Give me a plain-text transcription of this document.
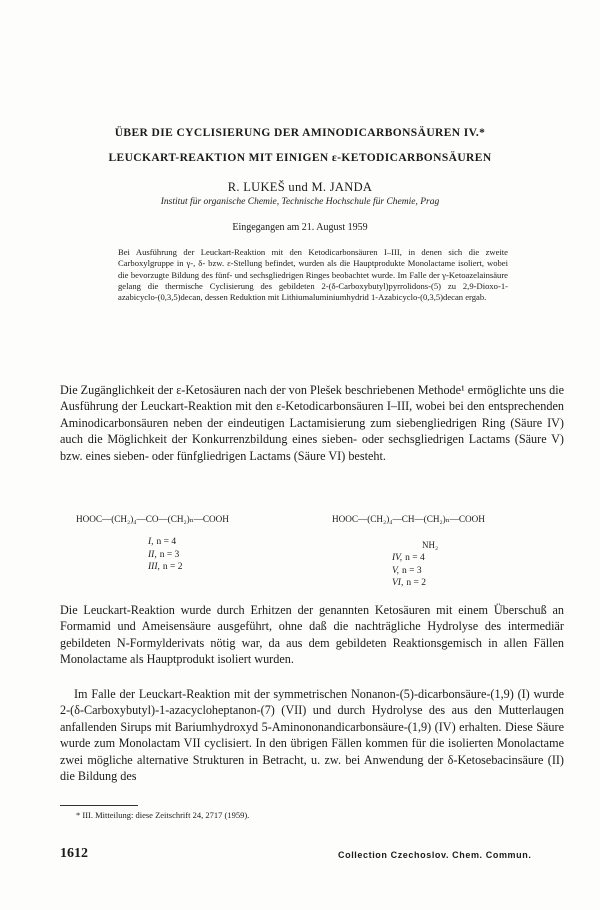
ÜBER DIE CYCLISIERUNG DER AMINODICARBONSÄUREN IV.*
LEUCKART-REAKTION MIT EINIGEN ε-KETODICARBONSÄUREN
R. LUKEŠ und M. JANDA
Institut für organische Chemie, Technische Hochschule für Chemie, Prag
Eingegangen am 21. August 1959

Bei Ausführung der Leuckart-Reaktion mit den Ketodicarbonsäuren I–III, in denen sich die zweite Carboxylgruppe in γ-, δ- bzw. ε-Stellung befindet, wurden als die Hauptprodukte Monolactame isoliert, wobei die bevorzugte Bildung des fünf- und sechsgliedrigen Ringes beobachtet wurde. Im Falle der γ-Ketoazelainsäure gelang die thermische Cyclisierung des gebildeten 2-(δ-Carboxybutyl)pyrrolidons-(5) zu 2,9-Dioxo-1-azabicyclo-(0,3,5)decan, dessen Reduktion mit Lithiumaluminiumhydrid 1-Azabicyclo-(0,3,5)decan ergab.

Die Zugänglichkeit der ε-Ketosäuren nach der von Plešek beschriebenen Methode¹ ermöglichte uns die Ausführung der Leuckart-Reaktion mit den ε-Ketodicarbonsäuren I–III, wobei bei den entsprechenden Aminodicarbonsäuren neben der eindeutigen Lactamisierung zum siebengliedrigen Ring (Säure IV) auch die Möglichkeit der Konkurrenzbildung eines sieben- oder sechsgliedrigen Lactams (Säure V) bzw. eines sieben- oder fünfgliedrigen Lactams (Säure VI) besteht.

HOOC—(CH₂)₄—CO—(CH₂)ₙ—COOH	HOOC—(CH₂)₄—CH—(CH₂)ₙ—COOH
NH₂
I, n = 4
II, n = 3
III, n = 2
IV, n = 4
V, n = 3
VI, n = 2

Die Leuckart-Reaktion wurde durch Erhitzen der genannten Ketosäuren mit einem Überschuß an Formamid und Ameisensäure ausgeführt, ohne daß die nachträgliche Hydrolyse des intermediär gebildeten N-Formylderivats nötig war, da aus dem gebildeten Reaktionsgemisch in allen Fällen Monolactame als Hauptprodukt isoliert wurden.

Im Falle der Leuckart-Reaktion mit der symmetrischen Nonanon-(5)-dicarbonsäure-(1,9) (I) wurde 2-(δ-Carboxybutyl)-1-azacycloheptanon-(7) (VII) und durch Hydrolyse des aus den Mutterlaugen anfallenden Sirups mit Bariumhydroxyd 5-Aminononandicarbonsäure-(1,9) (IV) erhalten. Diese Säure wurde zum Monolactam VII cyclisiert. In den übrigen Fällen kommen für die isolierten Monolactame zwei mögliche alternative Strukturen in Betracht, u. zw. bei Anwendung der δ-Ketosebacinsäure (II) die Bildung des

* III. Mitteilung: diese Zeitschrift 24, 2717 (1959).
1612	Collection Czechoslov. Chem. Commun.
